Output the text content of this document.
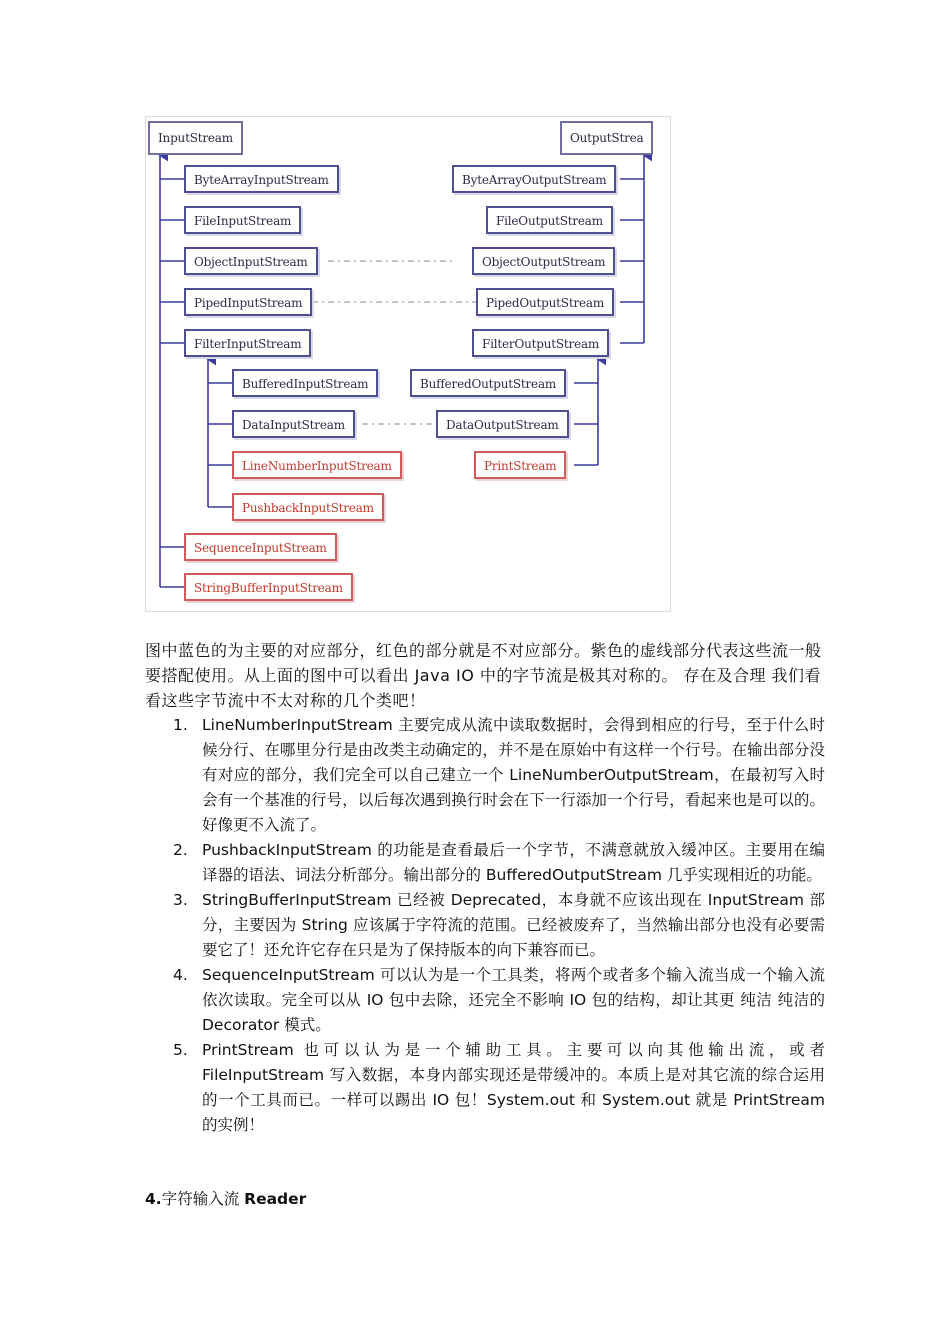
InputStream	OutputStrea
ByteArrayInputStream
FileInputStream
ObjectInputStream
PipedInputStream
FilterInputStream
BufferedInputStream
DataInputStream
LineNumberInputStream
PushbackInputStream
SequenceInputStream
StringBufferInputStream
ByteArrayOutputStream
FileOutputStream
ObjectOutputStream
PipedOutputStream
FilterOutputStream
BufferedOutputStream
DataOutputStream
PrintStream
图中蓝色的为主要的对应部分，红色的部分就是不对应部分。紫色的虚线部分代表这些流一般要搭配使用。从上面的图中可以看出 Java IO 中的字节流是极其对称的。 存在及合理 我们看看这些字节流中不太对称的几个类吧！
1. LineNumberInputStream 主要完成从流中读取数据时，会得到相应的行号，至于什么时候分行、在哪里分行是由改类主动确定的，并不是在原始中有这样一个行号。在输出部分没有对应的部分，我们完全可以自己建立一个 LineNumberOutputStream，在最初写入时会有一个基准的行号，以后每次遇到换行时会在下一行添加一个行号，看起来也是可以的。好像更不入流了。
2. PushbackInputStream 的功能是查看最后一个字节，不满意就放入缓冲区。主要用在编译器的语法、词法分析部分。输出部分的 BufferedOutputStream 几乎实现相近的功能。
3. StringBufferInputStream 已经被 Deprecated，本身就不应该出现在 InputStream 部分，主要因为 String 应该属于字符流的范围。已经被废弃了，当然输出部分也没有必要需要它了！还允许它存在只是为了保持版本的向下兼容而已。
4. SequenceInputStream 可以认为是一个工具类，将两个或者多个输入流当成一个输入流依次读取。完全可以从 IO 包中去除，还完全不影响 IO 包的结构，却让其更 纯洁 纯洁的 Decorator 模式。
5. PrintStream 也可以认为是一个辅助工具。主要可以向其他输出流，或者 FileInputStream 写入数据，本身内部实现还是带缓冲的。本质上是对其它流的综合运用的一个工具而已。一样可以踢出 IO 包！System.out 和 System.out 就是 PrintStream 的实例！
4.字符输入流 Reader
